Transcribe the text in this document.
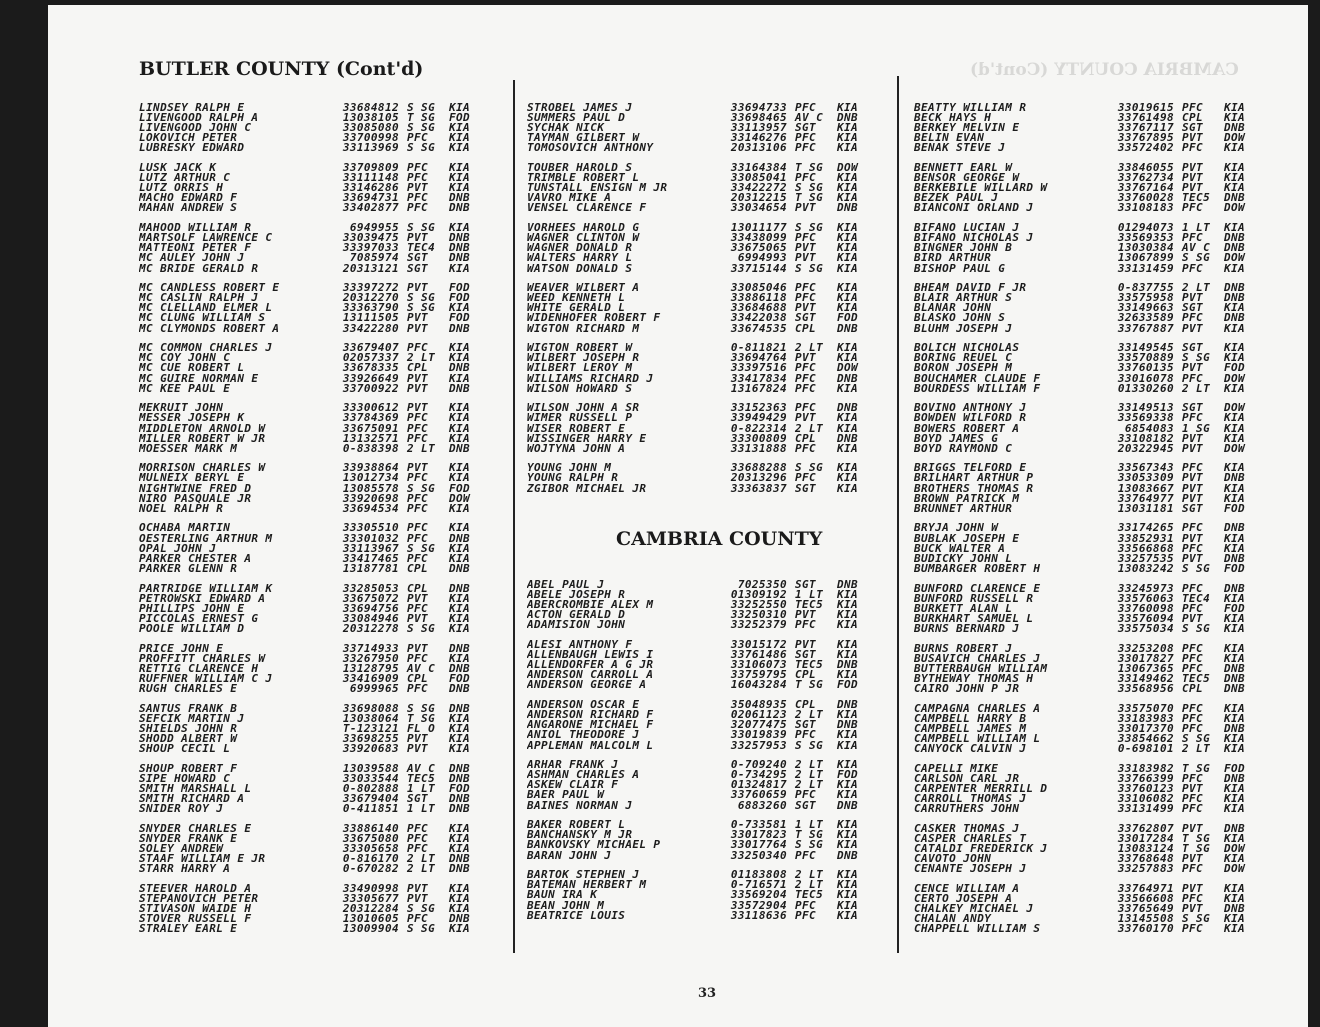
CAMBRIA COUNTY (Cont'd)
BUTLER COUNTY (Cont'd)
CAMBRIA COUNTY
LINDSEY RALPH E	33684812 S SG	KIA
LIVENGOOD RALPH A	13038105 T SG	FOD
LIVENGOOD JOHN C	33085080 S SG	KIA
LOKOVICH PETER	33700998 PFC	KIA
LUBRESKY EDWARD	33113969 S SG	KIA
LUSK JACK K	33709809 PFC	KIA
LUTZ ARTHUR C	33111148 PFC	KIA
LUTZ ORRIS H	33146286 PVT	KIA
MACHO EDWARD F	33694731 PFC	DNB
MAHAN ANDREW S	33402877 PFC	DNB
MAHOOD WILLIAM R	6949955 S SG	KIA
MARTSOLF LAWRENCE C	33039475 PVT	DNB
MATTEONI PETER F	33397033 TEC4	DNB
MC AULEY JOHN J	7085974 SGT	DNB
MC BRIDE GERALD R	20313121 SGT	KIA
MC CANDLESS ROBERT E	33397272 PVT	FOD
MC CASLIN RALPH J	20312270 S SG	FOD
MC CLELLAND ELMER L	33363790 S SG	KIA
MC CLUNG WILLIAM S	13111505 PVT	FOD
MC CLYMONDS ROBERT A	33422280 PVT	DNB
MC COMMON CHARLES J	33679407 PFC	KIA
MC COY JOHN C	02057337 2 LT	KIA
MC CUE ROBERT L	33678335 CPL	DNB
MC GUIRE NORMAN E	33926649 PVT	KIA
MC KEE PAUL E	33700922 PVT	DNB
MEKRUIT JOHN	33300612 PVT	KIA
MESSER JOSEPH K	33784369 PFC	KIA
MIDDLETON ARNOLD W	33675091 PFC	KIA
MILLER ROBERT W JR	13132571 PFC	KIA
MOESSER MARK M	0-838398 2 LT	DNB
MORRISON CHARLES W	33938864 PVT	KIA
MULNEIX BERYL E	13012734 PFC	KIA
NIGHTWINE FRED D	13085578 S SG	FOD
NIRO PASQUALE JR	33920698 PFC	DOW
NOEL RALPH R	33694534 PFC	KIA
OCHABA MARTIN	33305510 PFC	KIA
OESTERLING ARTHUR M	33301032 PFC	DNB
OPAL JOHN J	33113967 S SG	KIA
PARKER CHESTER A	33417465 PFC	KIA
PARKER GLENN R	13187781 CPL	DNB
PARTRIDGE WILLIAM K	33285053 CPL	DNB
PETROWSKI EDWARD A	33675072 PVT	KIA
PHILLIPS JOHN E	33694756 PFC	KIA
PICCOLAS ERNEST G	33084946 PVT	KIA
POOLE WILLIAM D	20312278 S SG	KIA
PRICE JOHN E	33714933 PVT	DNB
PROFFITT CHARLES W	33267950 PFC	KIA
RETTIG CLARENCE H	13128795 AV C	DNB
RUFFNER WILLIAM C J	33416909 CPL	FOD
RUGH CHARLES E	6999965 PFC	DNB
SANTUS FRANK B	33698088 S SG	DNB
SEFCIK MARTIN J	13038064 T SG	KIA
SHIELDS JOHN R	T-123121 FL O	KIA
SHODD ALBERT W	33698255 PVT	KIA
SHOUP CECIL L	33920683 PVT	KIA
SHOUP ROBERT F	13039588 AV C	DNB
SIPE HOWARD C	33033544 TEC5	DNB
SMITH MARSHALL L	0-802888 1 LT	FOD
SMITH RICHARD A	33679404 SGT	DNB
SNIDER ROY J	0-411851 1 LT	DNB
SNYDER CHARLES E	33886140 PFC	KIA
SNYDER FRANK E	33675080 PFC	KIA
SOLEY ANDREW	33305658 PFC	KIA
STAAF WILLIAM E JR	0-816170 2 LT	DNB
STARR HARRY A	0-670282 2 LT	DNB
STEEVER HAROLD A	33490998 PVT	KIA
STEPANOVICH PETER	33305677 PVT	KIA
STIVASON WAIDE H	20312284 S SG	KIA
STOVER RUSSELL F	13010605 PFC	DNB
STRALEY EARL E	13009904 S SG	KIA
STROBEL JAMES J	33694733 PFC	KIA
SUMMERS PAUL D	33698465 AV C	DNB
SYCHAK NICK	33113957 SGT	KIA
TAYMAN GILBERT W	33146276 PFC	KIA
TOMOSOVICH ANTHONY	20313106 PFC	KIA
TOUBER HAROLD S	33164384 T SG	DOW
TRIMBLE ROBERT L	33085041 PFC	KIA
TUNSTALL ENSIGN M JR	33422272 S SG	KIA
VAVRO MIKE A	20312215 T SG	KIA
VENSEL CLARENCE F	33034654 PVT	DNB
VORHEES HAROLD G	13011177 S SG	KIA
WAGNER CLINTON W	33438099 PFC	KIA
WAGNER DONALD R	33675065 PVT	KIA
WALTERS HARRY L	6994993 PVT	KIA
WATSON DONALD S	33715144 S SG	KIA
WEAVER WILBERT A	33085046 PFC	KIA
WEED KENNETH L	33886118 PFC	KIA
WHITE GERALD L	33684688 PVT	KIA
WIDENHOFER ROBERT F	33422038 SGT	FOD
WIGTON RICHARD M	33674535 CPL	DNB
WIGTON ROBERT W	0-811821 2 LT	KIA
WILBERT JOSEPH R	33694764 PVT	KIA
WILBERT LEROY M	33397516 PFC	DOW
WILLIAMS RICHARD J	33417834 PFC	DNB
WILSON HOWARD S	13167824 PFC	KIA
WILSON JOHN A SR	33152363 PFC	DNB
WIMER RUSSELL P	33949429 PVT	KIA
WISER ROBERT E	0-822314 2 LT	KIA
WISSINGER HARRY E	33300809 CPL	DNB
WOJTYNA JOHN A	33131888 PFC	KIA
YOUNG JOHN M	33688288 S SG	KIA
YOUNG RALPH R	20313296 PFC	KIA
ZGIBOR MICHAEL JR	33363837 SGT	KIA
ABEL PAUL J	7025350 SGT	DNB
ABELE JOSEPH R	01309192 1 LT	KIA
ABERCROMBIE ALEX M	33252550 TEC5	KIA
ACTON GERALD D	33250310 PVT	KIA
ADAMISION JOHN	33252379 PFC	KIA
ALESI ANTHONY F	33015172 PVT	KIA
ALLENBAUGH LEWIS I	33761486 SGT	KIA
ALLENDORFER A G JR	33106073 TEC5	DNB
ANDERSON CARROLL A	33759795 CPL	KIA
ANDERSON GEORGE A	16043284 T SG	FOD
ANDERSON OSCAR E	35048935 CPL	DNB
ANDERSON RICHARD F	02061123 2 LT	KIA
ANGARONE MICHAEL F	32077475 SGT	DNB
ANIOL THEODORE J	33019839 PFC	KIA
APPLEMAN MALCOLM L	33257953 S SG	KIA
ARHAR FRANK J	0-709240 2 LT	KIA
ASHMAN CHARLES A	0-734295 2 LT	FOD
ASKEW CLAIR F	01324817 2 LT	KIA
BAER PAUL W	33760659 PFC	KIA
BAINES NORMAN J	6883260 SGT	DNB
BAKER ROBERT L	0-733581 1 LT	KIA
BANCHANSKY M JR	33017823 T SG	KIA
BANKOVSKY MICHAEL P	33017764 S SG	KIA
BARAN JOHN J	33250340 PFC	DNB
BARTOK STEPHEN J	01183808 2 LT	KIA
BATEMAN HERBERT M	0-716571 2 LT	KIA
BAUN IRA K	33569204 TEC5	KIA
BEAN JOHN M	33572904 PFC	KIA
BEATRICE LOUIS	33118636 PFC	KIA
BEATTY WILLIAM R	33019615 PFC	KIA
BECK HAYS H	33761498 CPL	KIA
BERKEY MELVIN E	33767117 SGT	DNB
BELIN EVAN	33767895 PVT	DOW
BENAK STEVE J	33572402 PFC	KIA
BENNETT EARL W	33846055 PVT	KIA
BENSOR GEORGE W	33762734 PVT	KIA
BERKEBILE WILLARD W	33767164 PVT	KIA
BEZEK PAUL J	33760028 TEC5	DNB
BIANCONI ORLAND J	33108183 PFC	DOW
BIFANO LUCIAN J	01294073 1 LT	KIA
BIFANO NICHOLAS J	33569353 PFC	DNB
BINGNER JOHN B	13030384 AV C	DNB
BIRD ARTHUR	13067899 S SG	DOW
BISHOP PAUL G	33131459 PFC	KIA
BHEAM DAVID F JR	0-837755 2 LT	DNB
BLAIR ARTHUR S	33575958 PVT	DNB
BLANAR JOHN	33149663 SGT	KIA
BLASKO JOHN S	32633589 PFC	DNB
BLUHM JOSEPH J	33767887 PVT	KIA
BOLICH NICHOLAS	33149545 SGT	KIA
BORING REUEL C	33570889 S SG	KIA
BORON JOSEPH M	33760135 PVT	FOD
BOUCHAMER CLAUDE F	33016078 PFC	DOW
BOURDESS WILLIAM F	01330260 2 LT	KIA
BOVINO ANTHONY J	33149513 SGT	DOW
BOWDEN WILFORD R	33569338 PFC	KIA
BOWERS ROBERT A	6854083 1 SG	KIA
BOYD JAMES G	33108182 PVT	KIA
BOYD RAYMOND C	20322945 PVT	DOW
BRIGGS TELFORD E	33567343 PFC	KIA
BRILHART ARTHUR P	33053309 PVT	DNB
BROTHERS THOMAS R	13083667 PVT	KIA
BROWN PATRICK M	33764977 PVT	KIA
BRUNNET ARTHUR	13031181 SGT	FOD
BRYJA JOHN W	33174265 PFC	DNB
BUBLAK JOSEPH E	33852931 PVT	KIA
BUCK WALTER A	33566868 PFC	KIA
BUDICKY JOHN L	33257535 PVT	DNB
BUMBARGER ROBERT H	13083242 S SG	FOD
BUNFORD CLARENCE E	33245973 PFC	DNB
BUNFORD RUSSELL R	33576063 TEC4	KIA
BURKETT ALAN L	33760098 PFC	FOD
BURKHART SAMUEL L	33576094 PVT	KIA
BURNS BERNARD J	33575034 S SG	KIA
BURNS ROBERT J	33253208 PFC	KIA
BUSAVICH CHARLES J	33017827 PFC	KIA
BUTTERBAUGH WILLIAM	13067365 PFC	DNB
BYTHEWAY THOMAS H	33149462 TEC5	DNB
CAIRO JOHN P JR	33568956 CPL	DNB
CAMPAGNA CHARLES A	33575070 PFC	KIA
CAMPBELL HARRY B	33183983 PFC	KIA
CAMPBELL JAMES M	33017370 PFC	DNB
CAMPBELL WILLIAM L	33854662 S SG	KIA
CANYOCK CALVIN J	0-698101 2 LT	KIA
CAPELLI MIKE	33183982 T SG	FOD
CARLSON CARL JR	33766399 PFC	DNB
CARPENTER MERRILL D	33760123 PVT	KIA
CARROLL THOMAS J	33106082 PFC	KIA
CARRUTHERS JOHN	33131499 PFC	KIA
CASKER THOMAS J	33762807 PVT	DNB
CASPER CHARLES T	33017284 T SG	KIA
CATALDI FREDERICK J	13083124 T SG	DOW
CAVOTO JOHN	33768648 PVT	KIA
CENANTE JOSEPH J	33257883 PFC	DOW
CENCE WILLIAM A	33764971 PVT	KIA
CERTO JOSEPH A	33566608 PFC	KIA
CHALKEY MICHAEL J	33765649 PVT	DNB
CHALAN ANDY	13145508 S SG	KIA
CHAPPELL WILLIAM S	33760170 PFC	KIA
33
